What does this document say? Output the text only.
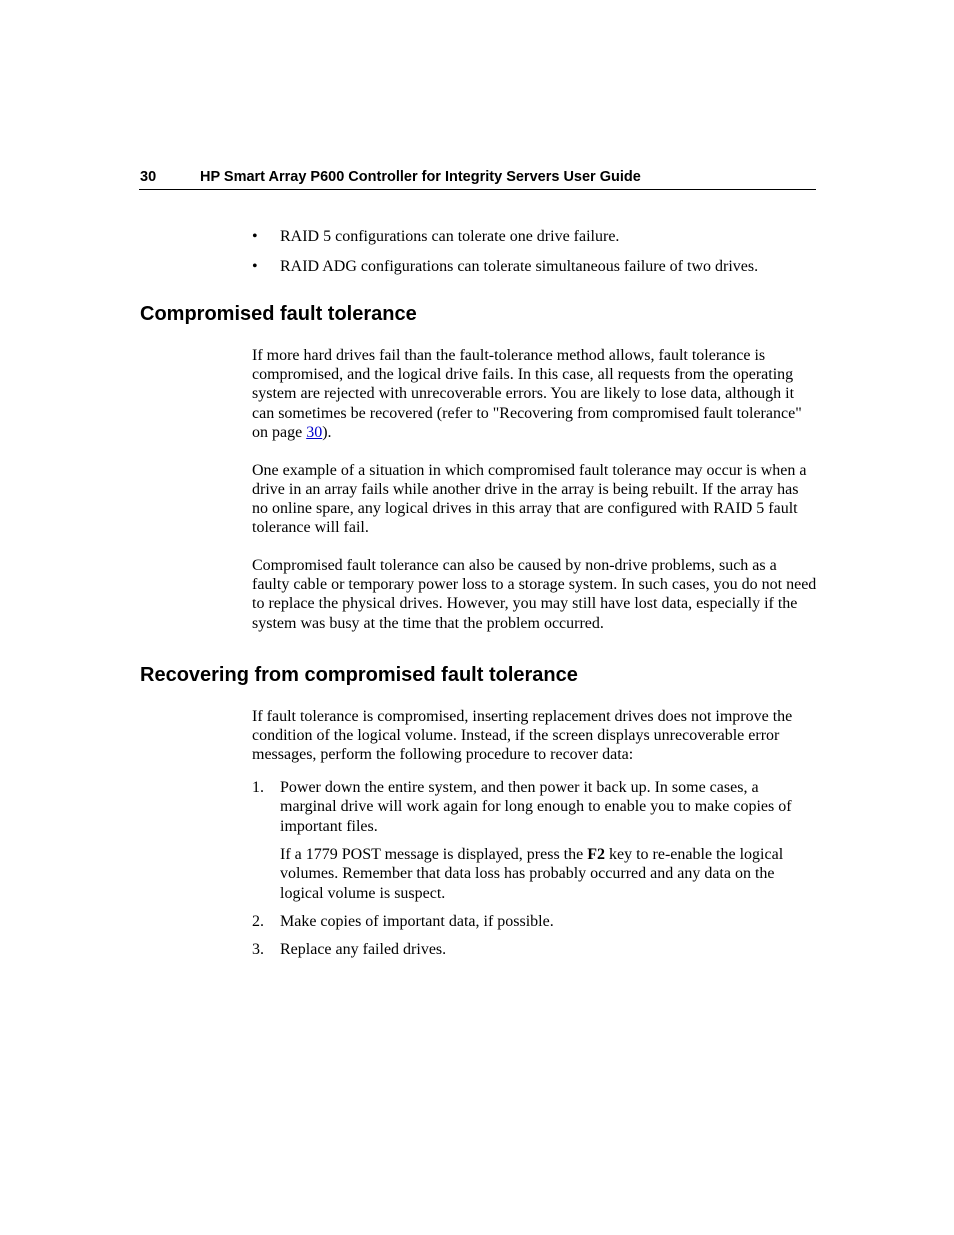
30	HP Smart Array P600 Controller for Integrity Servers User Guide
• RAID 5 configurations can tolerate one drive failure.
• RAID ADG configurations can tolerate simultaneous failure of two drives.
Compromised fault tolerance

If more hard drives fail than the fault-tolerance method allows, fault tolerance is compromised, and the logical drive fails. In this case, all requests from the operating system are rejected with unrecoverable errors. You are likely to lose data, although it can sometimes be recovered (refer to "Recovering from compromised fault tolerance" on page 30).

One example of a situation in which compromised fault tolerance may occur is when a drive in an array fails while another drive in the array is being rebuilt. If the array has no online spare, any logical drives in this array that are configured with RAID 5 fault tolerance will fail.

Compromised fault tolerance can also be caused by non-drive problems, such as a faulty cable or temporary power loss to a storage system. In such cases, you do not need to replace the physical drives. However, you may still have lost data, especially if the system was busy at the time that the problem occurred.

Recovering from compromised fault tolerance

If fault tolerance is compromised, inserting replacement drives does not improve the condition of the logical volume. Instead, if the screen displays unrecoverable error messages, perform the following procedure to recover data:

1. Power down the entire system, and then power it back up. In some cases, a marginal drive will work again for long enough to enable you to make copies of important files.
If a 1779 POST message is displayed, press the F2 key to re-enable the logical volumes. Remember that data loss has probably occurred and any data on the logical volume is suspect.
2. Make copies of important data, if possible.
3. Replace any failed drives.
